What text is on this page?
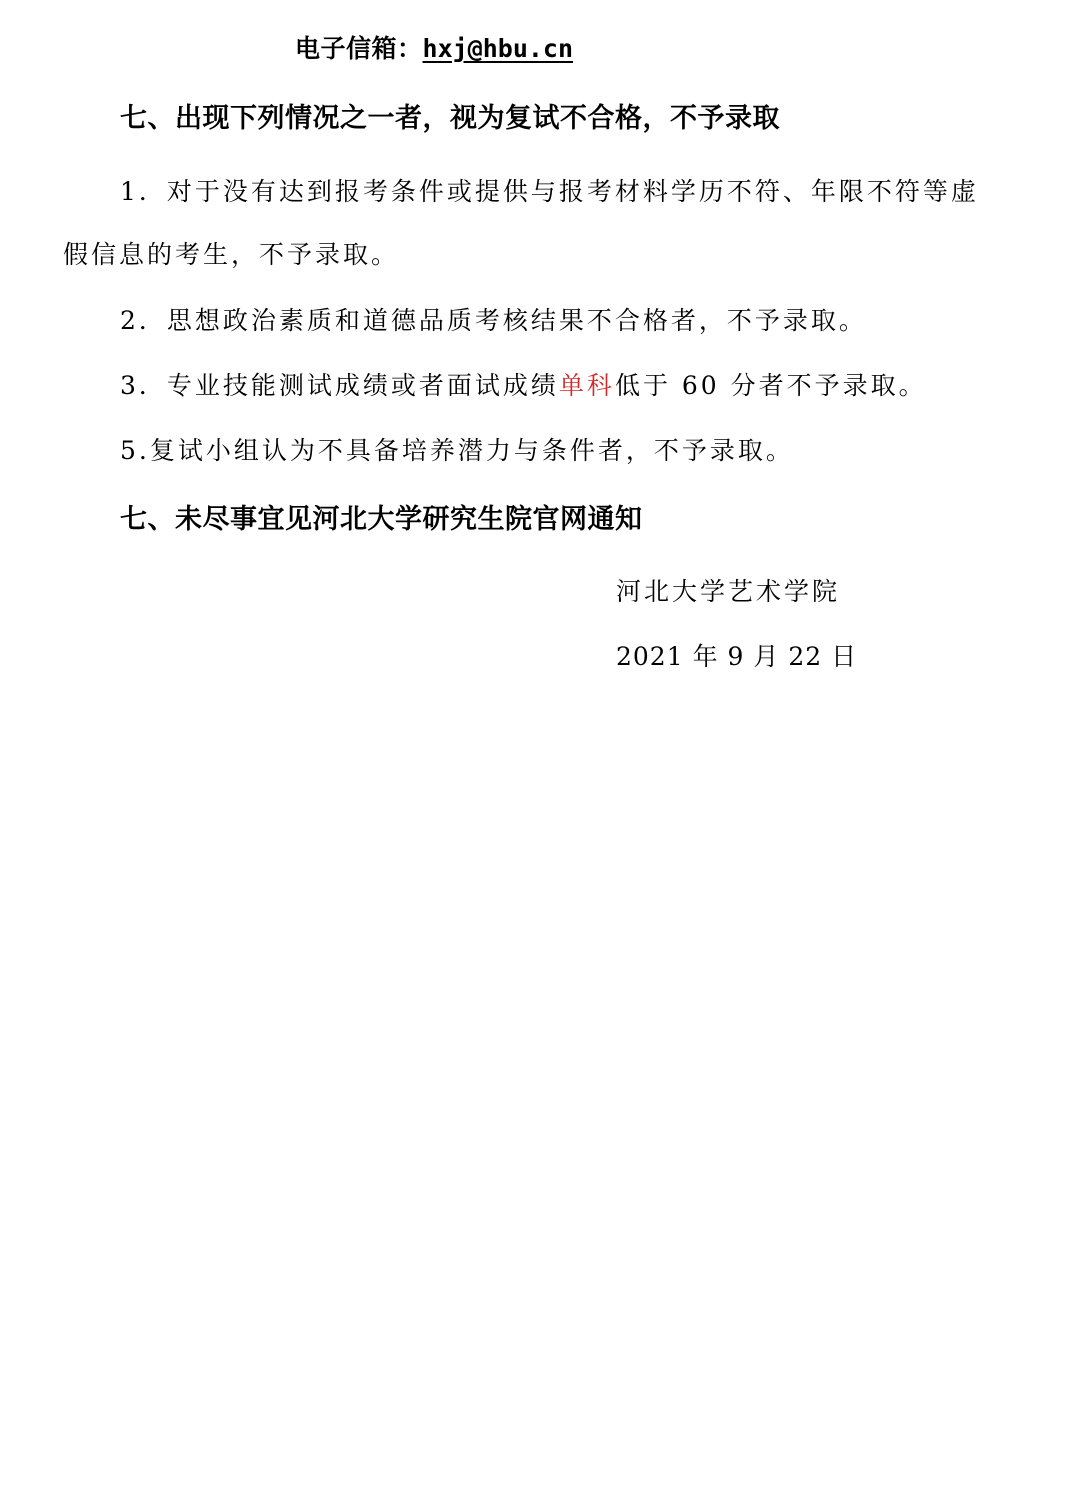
电子信箱：hxj@hbu.cn
七、出现下列情况之一者，视为复试不合格，不予录取
1．对于没有达到报考条件或提供与报考材料学历不符、年限不符等虚
假信息的考生，不予录取。
2．思想政治素质和道德品质考核结果不合格者，不予录取。
3．专业技能测试成绩或者面试成绩单科低于 60 分者不予录取。
5.复试小组认为不具备培养潜力与条件者，不予录取。
七、未尽事宜见河北大学研究生院官网通知
河北大学艺术学院
2021 年 9 月 22 日
